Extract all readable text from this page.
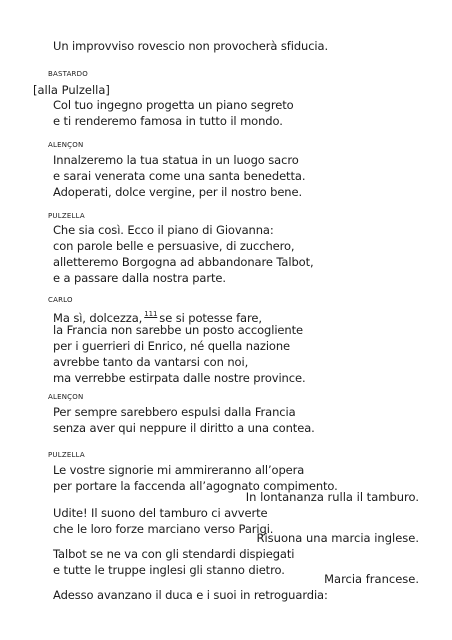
Un improvviso rovescio non provocherà sfiducia.
BASTARDO
[alla Pulzella]
Col tuo ingegno progetta un piano segreto
e ti renderemo famosa in tutto il mondo.
ALENÇON
Innalzeremo la tua statua in un luogo sacro
e sarai venerata come una santa benedetta.
Adoperati, dolce vergine, per il nostro bene.
PULZELLA
Che sia così. Ecco il piano di Giovanna:
con parole belle e persuasive, di zucchero,
alletteremo Borgogna ad abbandonare Talbot,
e a passare dalla nostra parte.
CARLO
Ma sì, dolcezza, $^{111}$ se si potesse fare,
la Francia non sarebbe un posto accogliente
per i guerrieri di Enrico, né quella nazione
avrebbe tanto da vantarsi con noi,
ma verrebbe estirpata dalle nostre province.
ALENÇON
Per sempre sarebbero espulsi dalla Francia
senza aver qui neppure il diritto a una contea.
PULZELLA
Le vostre signorie mi ammireranno all’opera
per portare la faccenda all’agognato compimento.
In lontananza rulla il tamburo.
Udite! Il suono del tamburo ci avverte
che le loro forze marciano verso Parigi.
Risuona una marcia inglese.
Talbot se ne va con gli stendardi dispiegati
e tutte le truppe inglesi gli stanno dietro.
Marcia francese.
Adesso avanzano il duca e i suoi in retroguardia:
